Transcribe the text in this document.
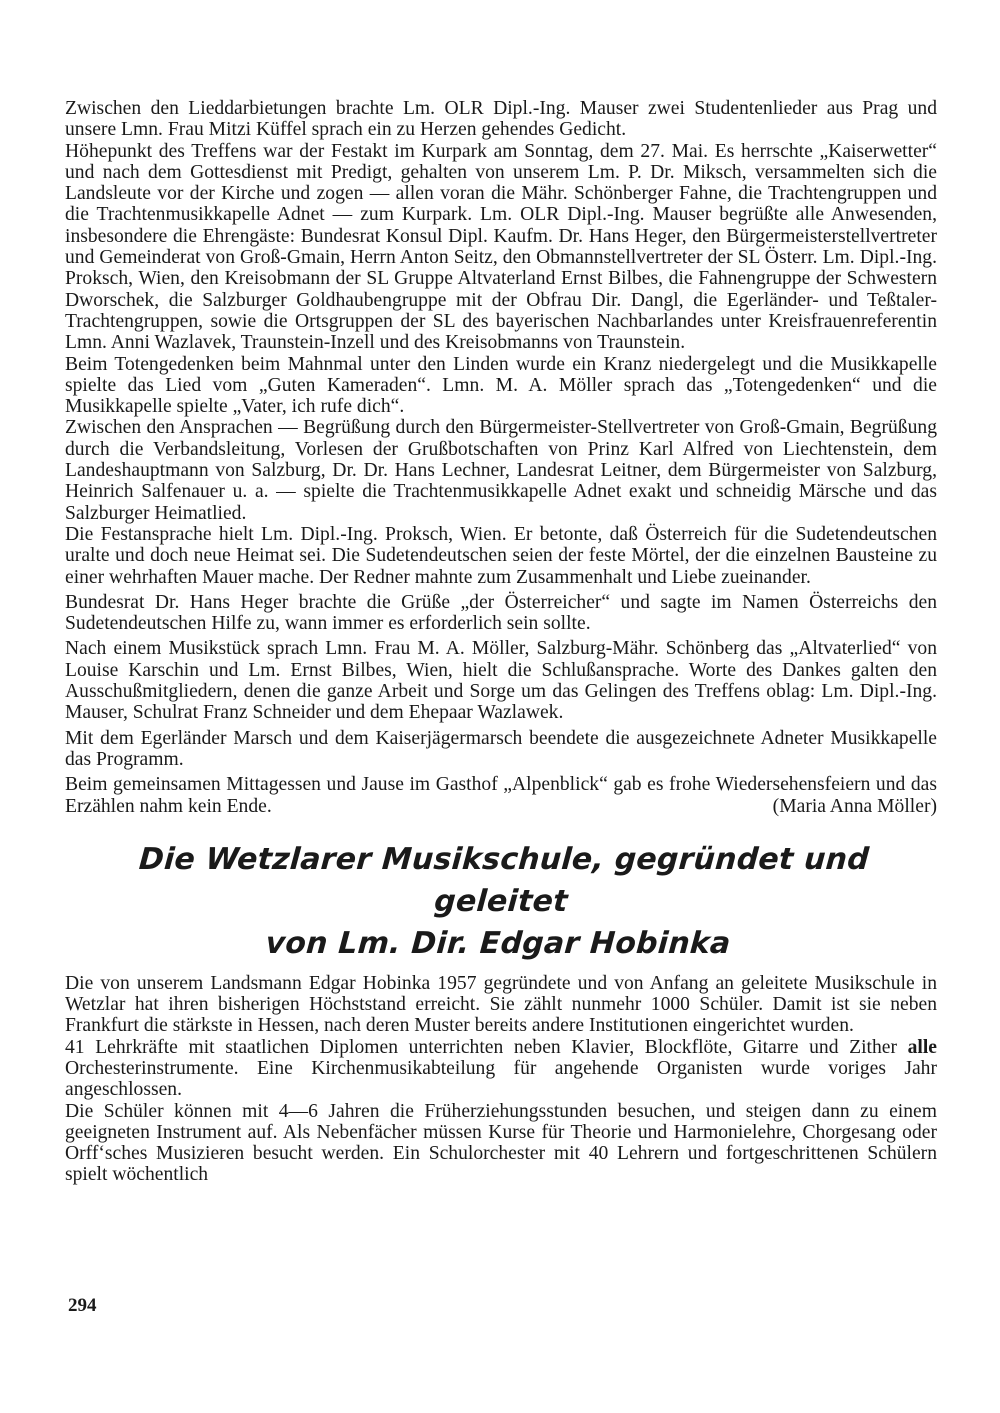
Zwischen den Lieddarbietungen brachte Lm. OLR Dipl.-Ing. Mauser zwei Studentenlieder aus Prag und unsere Lmn. Frau Mitzi Küffel sprach ein zu Herzen gehendes Gedicht.

Höhepunkt des Treffens war der Festakt im Kurpark am Sonntag, dem 27. Mai. Es herrschte „Kaiserwetter“ und nach dem Gottesdienst mit Predigt, gehalten von unserem Lm. P. Dr. Miksch, versammelten sich die Landsleute vor der Kirche und zogen — allen voran die Mähr. Schönberger Fahne, die Trachtengruppen und die Trachtenmusikkapelle Adnet — zum Kurpark. Lm. OLR Dipl.-Ing. Mauser begrüßte alle Anwesenden, insbesondere die Ehrengäste: Bundesrat Konsul Dipl. Kaufm. Dr. Hans Heger, den Bürgermeisterstellvertreter und Gemeinderat von Groß-Gmain, Herrn Anton Seitz, den Obmannstellvertreter der SL Österr. Lm. Dipl.-Ing. Proksch, Wien, den Kreisobmann der SL Gruppe Altvaterland Ernst Bilbes, die Fahnengruppe der Schwestern Dworschek, die Salzburger Goldhaubengruppe mit der Obfrau Dir. Dangl, die Egerländer- und Teßtaler-Trachtengruppen, sowie die Ortsgruppen der SL des bayerischen Nachbarlandes unter Kreisfrauenreferentin Lmn. Anni Wazlavek, Traunstein-Inzell und des Kreisobmanns von Traunstein.

Beim Totengedenken beim Mahnmal unter den Linden wurde ein Kranz niedergelegt und die Musikkapelle spielte das Lied vom „Guten Kameraden“. Lmn. M. A. Möller sprach das „Totengedenken“ und die Musikkapelle spielte „Vater, ich rufe dich“.

Zwischen den Ansprachen — Begrüßung durch den Bürgermeister-Stellvertreter von Groß-Gmain, Begrüßung durch die Verbandsleitung, Vorlesen der Grußbotschaften von Prinz Karl Alfred von Liechtenstein, dem Landeshauptmann von Salzburg, Dr. Dr. Hans Lechner, Landesrat Leitner, dem Bürgermeister von Salzburg, Heinrich Salfenauer u. a. — spielte die Trachtenmusikkapelle Adnet exakt und schneidig Märsche und das Salzburger Heimatlied.

Die Festansprache hielt Lm. Dipl.-Ing. Proksch, Wien. Er betonte, daß Österreich für die Sudetendeutschen uralte und doch neue Heimat sei. Die Sudetendeutschen seien der feste Mörtel, der die einzelnen Bausteine zu einer wehrhaften Mauer mache. Der Redner mahnte zum Zusammenhalt und Liebe zueinander.

Bundesrat Dr. Hans Heger brachte die Grüße „der Österreicher“ und sagte im Namen Österreichs den Sudetendeutschen Hilfe zu, wann immer es erforderlich sein sollte.

Nach einem Musikstück sprach Lmn. Frau M. A. Möller, Salzburg-Mähr. Schönberg das „Altvaterlied“ von Louise Karschin und Lm. Ernst Bilbes, Wien, hielt die Schlußansprache. Worte des Dankes galten den Ausschußmitgliedern, denen die ganze Arbeit und Sorge um das Gelingen des Treffens oblag: Lm. Dipl.-Ing. Mauser, Schulrat Franz Schneider und dem Ehepaar Wazlawek.

Mit dem Egerländer Marsch und dem Kaiserjägermarsch beendete die ausgezeichnete Adneter Musikkapelle das Programm.

Beim gemeinsamen Mittagessen und Jause im Gasthof „Alpenblick“ gab es frohe Wiedersehensfeiern und das Erzählen nahm kein Ende.	(Maria Anna Möller)
Die Wetzlarer Musikschule, gegründet und geleitet
von Lm. Dir. Edgar Hobinka

Die von unserem Landsmann Edgar Hobinka 1957 gegründete und von Anfang an geleitete Musikschule in Wetzlar hat ihren bisherigen Höchststand erreicht. Sie zählt nunmehr 1000 Schüler. Damit ist sie neben Frankfurt die stärkste in Hessen, nach deren Muster bereits andere Institutionen eingerichtet wurden.

41 Lehrkräfte mit staatlichen Diplomen unterrichten neben Klavier, Blockflöte, Gitarre und Zither alle Orchesterinstrumente. Eine Kirchenmusikabteilung für angehende Organisten wurde voriges Jahr angeschlossen.

Die Schüler können mit 4—6 Jahren die Früherziehungsstunden besuchen, und steigen dann zu einem geeigneten Instrument auf. Als Nebenfächer müssen Kurse für Theorie und Harmonielehre, Chorgesang oder Orff‘sches Musizieren besucht werden. Ein Schulorchester mit 40 Lehrern und fortgeschrittenen Schülern spielt wöchentlich

294
